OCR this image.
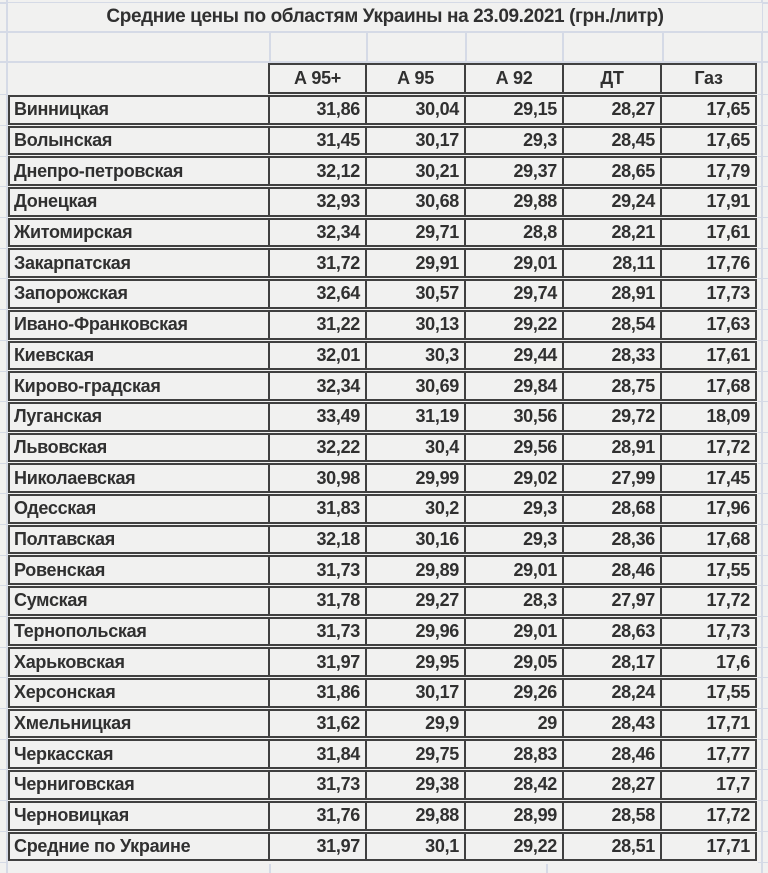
Средние цены по областям Украины на 23.09.2021 (грн./литр)
	А 95+	А 95	А 92	ДТ	Газ
Винницкая	31,86	30,04	29,15	28,27	17,65
Волынская	31,45	30,17	29,3	28,45	17,65
Днепро-петровская	32,12	30,21	29,37	28,65	17,79
Донецкая	32,93	30,68	29,88	29,24	17,91
Житомирская	32,34	29,71	28,8	28,21	17,61
Закарпатская	31,72	29,91	29,01	28,11	17,76
Запорожская	32,64	30,57	29,74	28,91	17,73
Ивано-Франковская	31,22	30,13	29,22	28,54	17,63
Киевская	32,01	30,3	29,44	28,33	17,61
Кирово-градская	32,34	30,69	29,84	28,75	17,68
Луганская	33,49	31,19	30,56	29,72	18,09
Львовская	32,22	30,4	29,56	28,91	17,72
Николаевская	30,98	29,99	29,02	27,99	17,45
Одесская	31,83	30,2	29,3	28,68	17,96
Полтавская	32,18	30,16	29,3	28,36	17,68
Ровенская	31,73	29,89	29,01	28,46	17,55
Сумская	31,78	29,27	28,3	27,97	17,72
Тернопольская	31,73	29,96	29,01	28,63	17,73
Харьковская	31,97	29,95	29,05	28,17	17,6
Херсонская	31,86	30,17	29,26	28,24	17,55
Хмельницкая	31,62	29,9	29	28,43	17,71
Черкасская	31,84	29,75	28,83	28,46	17,77
Черниговская	31,73	29,38	28,42	28,27	17,7
Черновицкая	31,76	29,88	28,99	28,58	17,72
Средние по Украине	31,97	30,1	29,22	28,51	17,71
